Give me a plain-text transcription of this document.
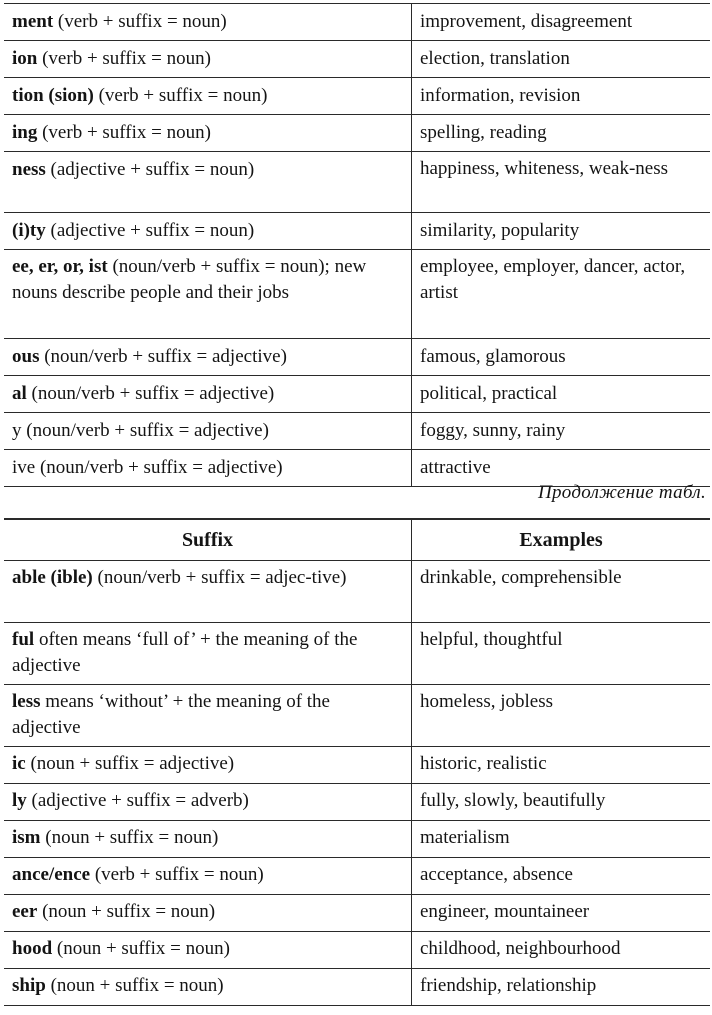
ment (verb + suffix = noun)	improvement, disagreement
ion (verb + suffix = noun)	election, translation
tion (sion) (verb + suffix = noun)	information, revision
ing (verb + suffix = noun)	spelling, reading
ness (adjective + suffix = noun)	happiness, whiteness, weak-ness
(i)ty (adjective + suffix = noun)	similarity, popularity
ee, er, or, ist (noun/verb + suffix = noun); new nouns describe people and their jobs	employee, employer, dancer, actor, artist
ous (noun/verb + suffix = adjective)	famous, glamorous
al (noun/verb + suffix = adjective)	political, practical
y (noun/verb + suffix = adjective)	foggy, sunny, rainy
ive (noun/verb + suffix = adjective)	attractive
Продолжение табл.
Suffix	Examples
able (ible) (noun/verb + suffix = adjec-tive)	drinkable, comprehensible
ful often means ‘full of’ + the meaning of the adjective	helpful, thoughtful
less means ‘without’ + the meaning of the adjective	homeless, jobless
ic (noun + suffix = adjective)	historic, realistic
ly (adjective + suffix = adverb)	fully, slowly, beautifully
ism (noun + suffix = noun)	materialism
ance/ence (verb + suffix = noun)	acceptance, absence
eer (noun + suffix = noun)	engineer, mountaineer
hood (noun + suffix = noun)	childhood, neighbourhood
ship (noun + suffix = noun)	friendship, relationship
